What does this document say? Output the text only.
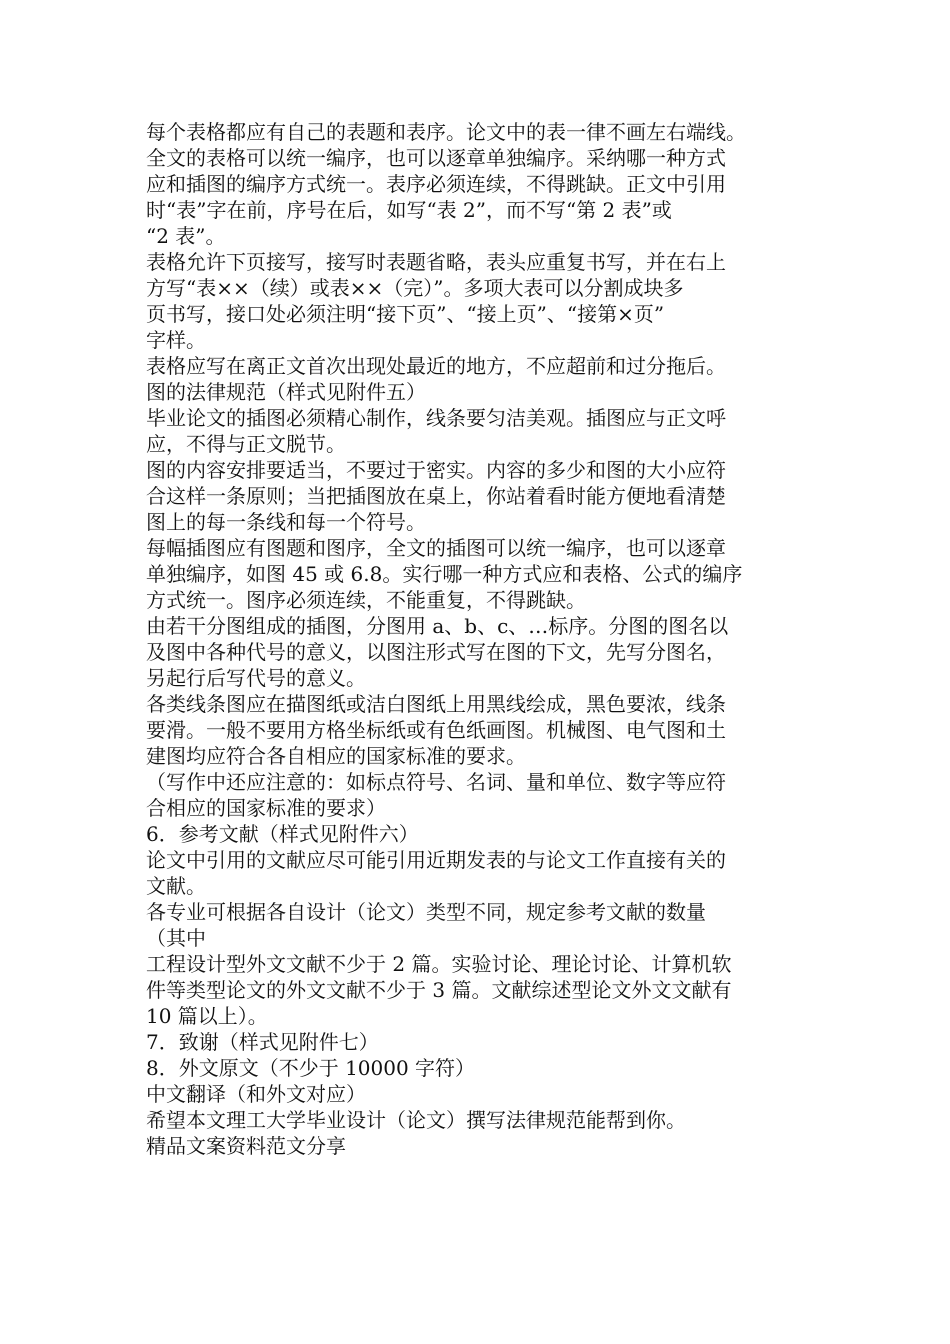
每个表格都应有自己的表题和表序。论文中的表一律不画左右端线。
全文的表格可以统一编序，也可以逐章单独编序。采纳哪一种方式
应和插图的编序方式统一。表序必须连续，不得跳缺。正文中引用
时“表”字在前，序号在后，如写“表 2”，而不写“第 2 表”或
“2 表”。
表格允许下页接写，接写时表题省略，表头应重复书写，并在右上
方写“表××（续）或表××（完）”。多项大表可以分割成块多
页书写，接口处必须注明“接下页”、“接上页”、“接第×页”
字样。
表格应写在离正文首次出现处最近的地方，不应超前和过分拖后。
图的法律规范（样式见附件五）
毕业论文的插图必须精心制作，线条要匀洁美观。插图应与正文呼
应，不得与正文脱节。
图的内容安排要适当，不要过于密实。内容的多少和图的大小应符
合这样一条原则；当把插图放在桌上，你站着看时能方便地看清楚
图上的每一条线和每一个符号。
每幅插图应有图题和图序，全文的插图可以统一编序，也可以逐章
单独编序，如图 45 或 6.8。实行哪一种方式应和表格、公式的编序
方式统一。图序必须连续，不能重复，不得跳缺。
由若干分图组成的插图，分图用 a、b、c、…标序。分图的图名以
及图中各种代号的意义，以图注形式写在图的下文，先写分图名，
另起行后写代号的意义。
各类线条图应在描图纸或洁白图纸上用黑线绘成，黑色要浓，线条
要滑。一般不要用方格坐标纸或有色纸画图。机械图、电气图和土
建图均应符合各自相应的国家标准的要求。
（写作中还应注意的：如标点符号、名词、量和单位、数字等应符
合相应的国家标准的要求）
6．参考文献（样式见附件六）
论文中引用的文献应尽可能引用近期发表的与论文工作直接有关的
文献。
各专业可根据各自设计（论文）类型不同，规定参考文献的数量
（其中
工程设计型外文文献不少于 2 篇。实验讨论、理论讨论、计算机软
件等类型论文的外文文献不少于 3 篇。文献综述型论文外文文献有
10 篇以上）。
7．致谢（样式见附件七）
8．外文原文（不少于 10000 字符）
中文翻译（和外文对应）
希望本文理工大学毕业设计（论文）撰写法律规范能帮到你。
精品文案资料范文分享
